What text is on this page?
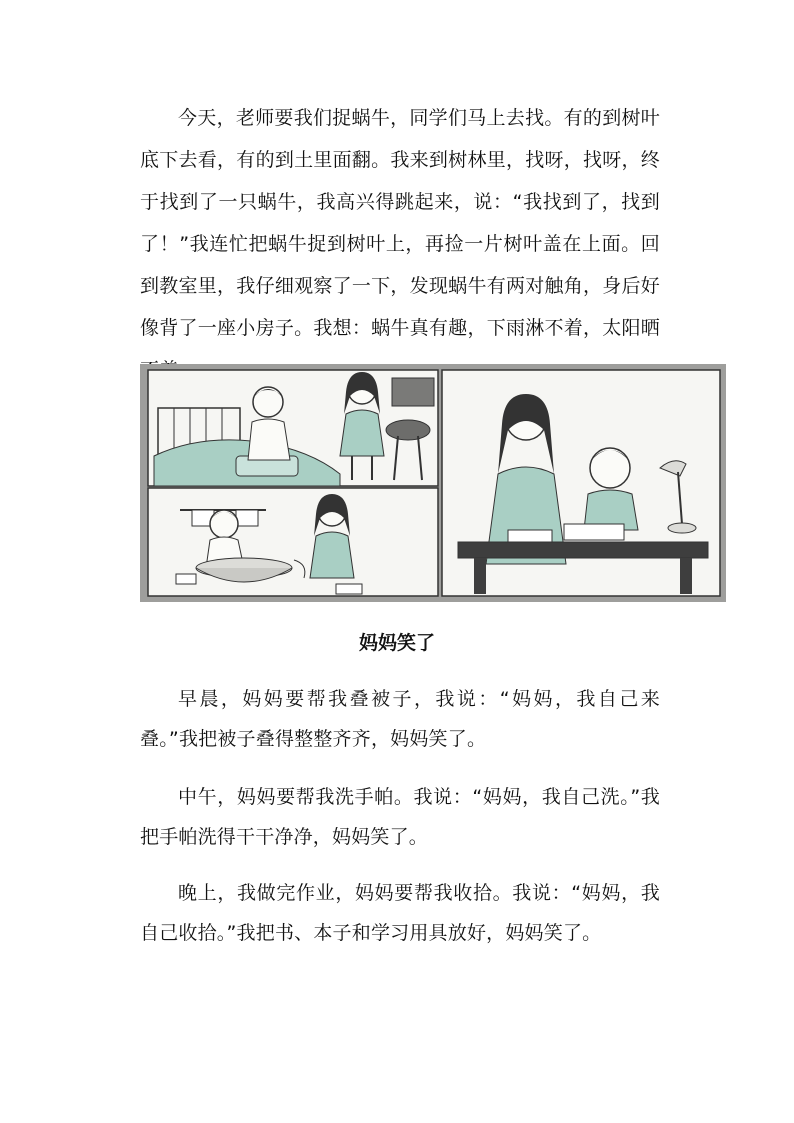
今天，老师要我们捉蜗牛，同学们马上去找。有的到树叶底下去看，有的到土里面翻。我来到树林里，找呀，找呀，终于找到了一只蜗牛，我高兴得跳起来，说：“我找到了，找到了！”我连忙把蜗牛捉到树叶上，再捡一片树叶盖在上面。回到教室里，我仔细观察了一下，发现蜗牛有两对触角，身后好像背了一座小房子。我想：蜗牛真有趣，下雨淋不着，太阳晒

妈妈笑了

早晨，妈妈要帮我叠被子，我说：“妈妈，我自己来叠。”我把被子叠得整整齐齐，妈妈笑了。

中午，妈妈要帮我洗手帕。我说：“妈妈，我自己洗。”我把手帕洗得干干净净，妈妈笑了。

晚上，我做完作业，妈妈要帮我收拾。我说：“妈妈，我自己收拾。”我把书、本子和学习用具放好，妈妈笑了。
